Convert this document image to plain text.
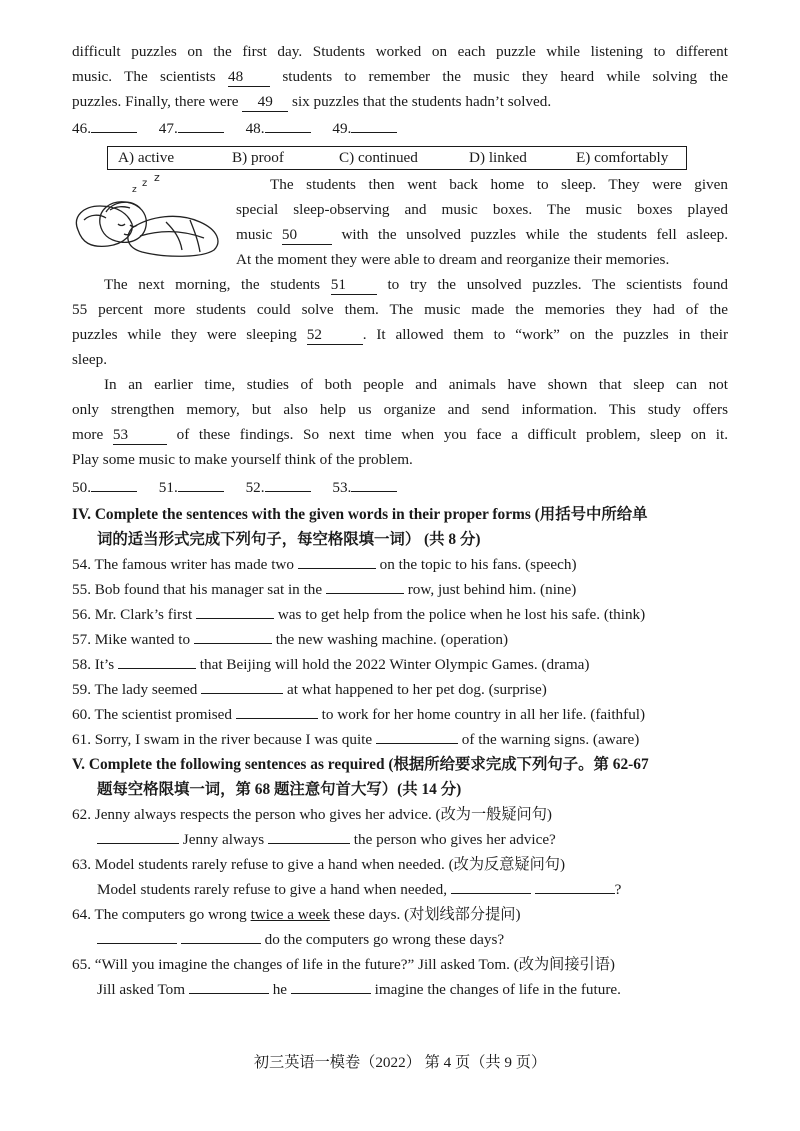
difficult puzzles on the first day. Students worked on each puzzle while listening to different

music. The scientists 48	students to remember the music they heard while solving the

puzzles. Finally, there were 49 six puzzles that the students hadn’t solved.

46.	47.	48.	49.
A) active	B) proof	C) continued	D) linked	E) comfortably
z
z z	The students then went back home to sleep. They were given

special sleep-observing and music boxes. The music boxes played

music 50	with the unsolved puzzles while the students fell asleep.

At the moment they were able to dream and reorganize their memories.

The next morning, the students 51	to try the unsolved puzzles. The scientists found

55 percent more students could solve them. The music made the memories they had of the

puzzles while they were sleeping 52	. It allowed them to “work” on the puzzles in their

sleep.

In an earlier time, studies of both people and animals have shown that sleep can not

only strengthen memory, but also help us organize and send information. This study offers

more 53	of these findings. So next time when you face a difficult problem, sleep on it.

Play some music to make yourself think of the problem.

50.	51.	52.	53.

IV. Complete the sentences with the given words in their proper forms (用括号中所给单

词的适当形式完成下列句子，每空格限填一词） (共 8 分)

54. The famous writer has made two	on the topic to his fans. (speech)

55. Bob found that his manager sat in the	row, just behind him. (nine)

56. Mr. Clark’s first	was to get help from the police when he lost his safe. (think)

57. Mike wanted to	the new washing machine. (operation)

58. It’s	that Beijing will hold the 2022 Winter Olympic Games. (drama)

59. The lady seemed	at what happened to her pet dog. (surprise)

60. The scientist promised	to work for her home country in all her life. (faithful)

61. Sorry, I swam in the river because I was quite	of the warning signs. (aware)

V. Complete the following sentences as required (根据所给要求完成下列句子。第 62-67

题每空格限填一词，第 68 题注意句首大写）(共 14 分)

62. Jenny always respects the person who gives her advice. (改为一般疑问句)

Jenny always	the person who gives her advice?

63. Model students rarely refuse to give a hand when needed. (改为反意疑问句)

Model students rarely refuse to give a hand when needed,	?

64. The computers go wrong twice a week these days. (对划线部分提问)

do the computers go wrong these days?

65. “Will you imagine the changes of life in the future?” Jill asked Tom. (改为间接引语)

Jill asked Tom	he	imagine the changes of life in the future.

初三英语一模卷（2022） 第 4 页（共 9 页）
